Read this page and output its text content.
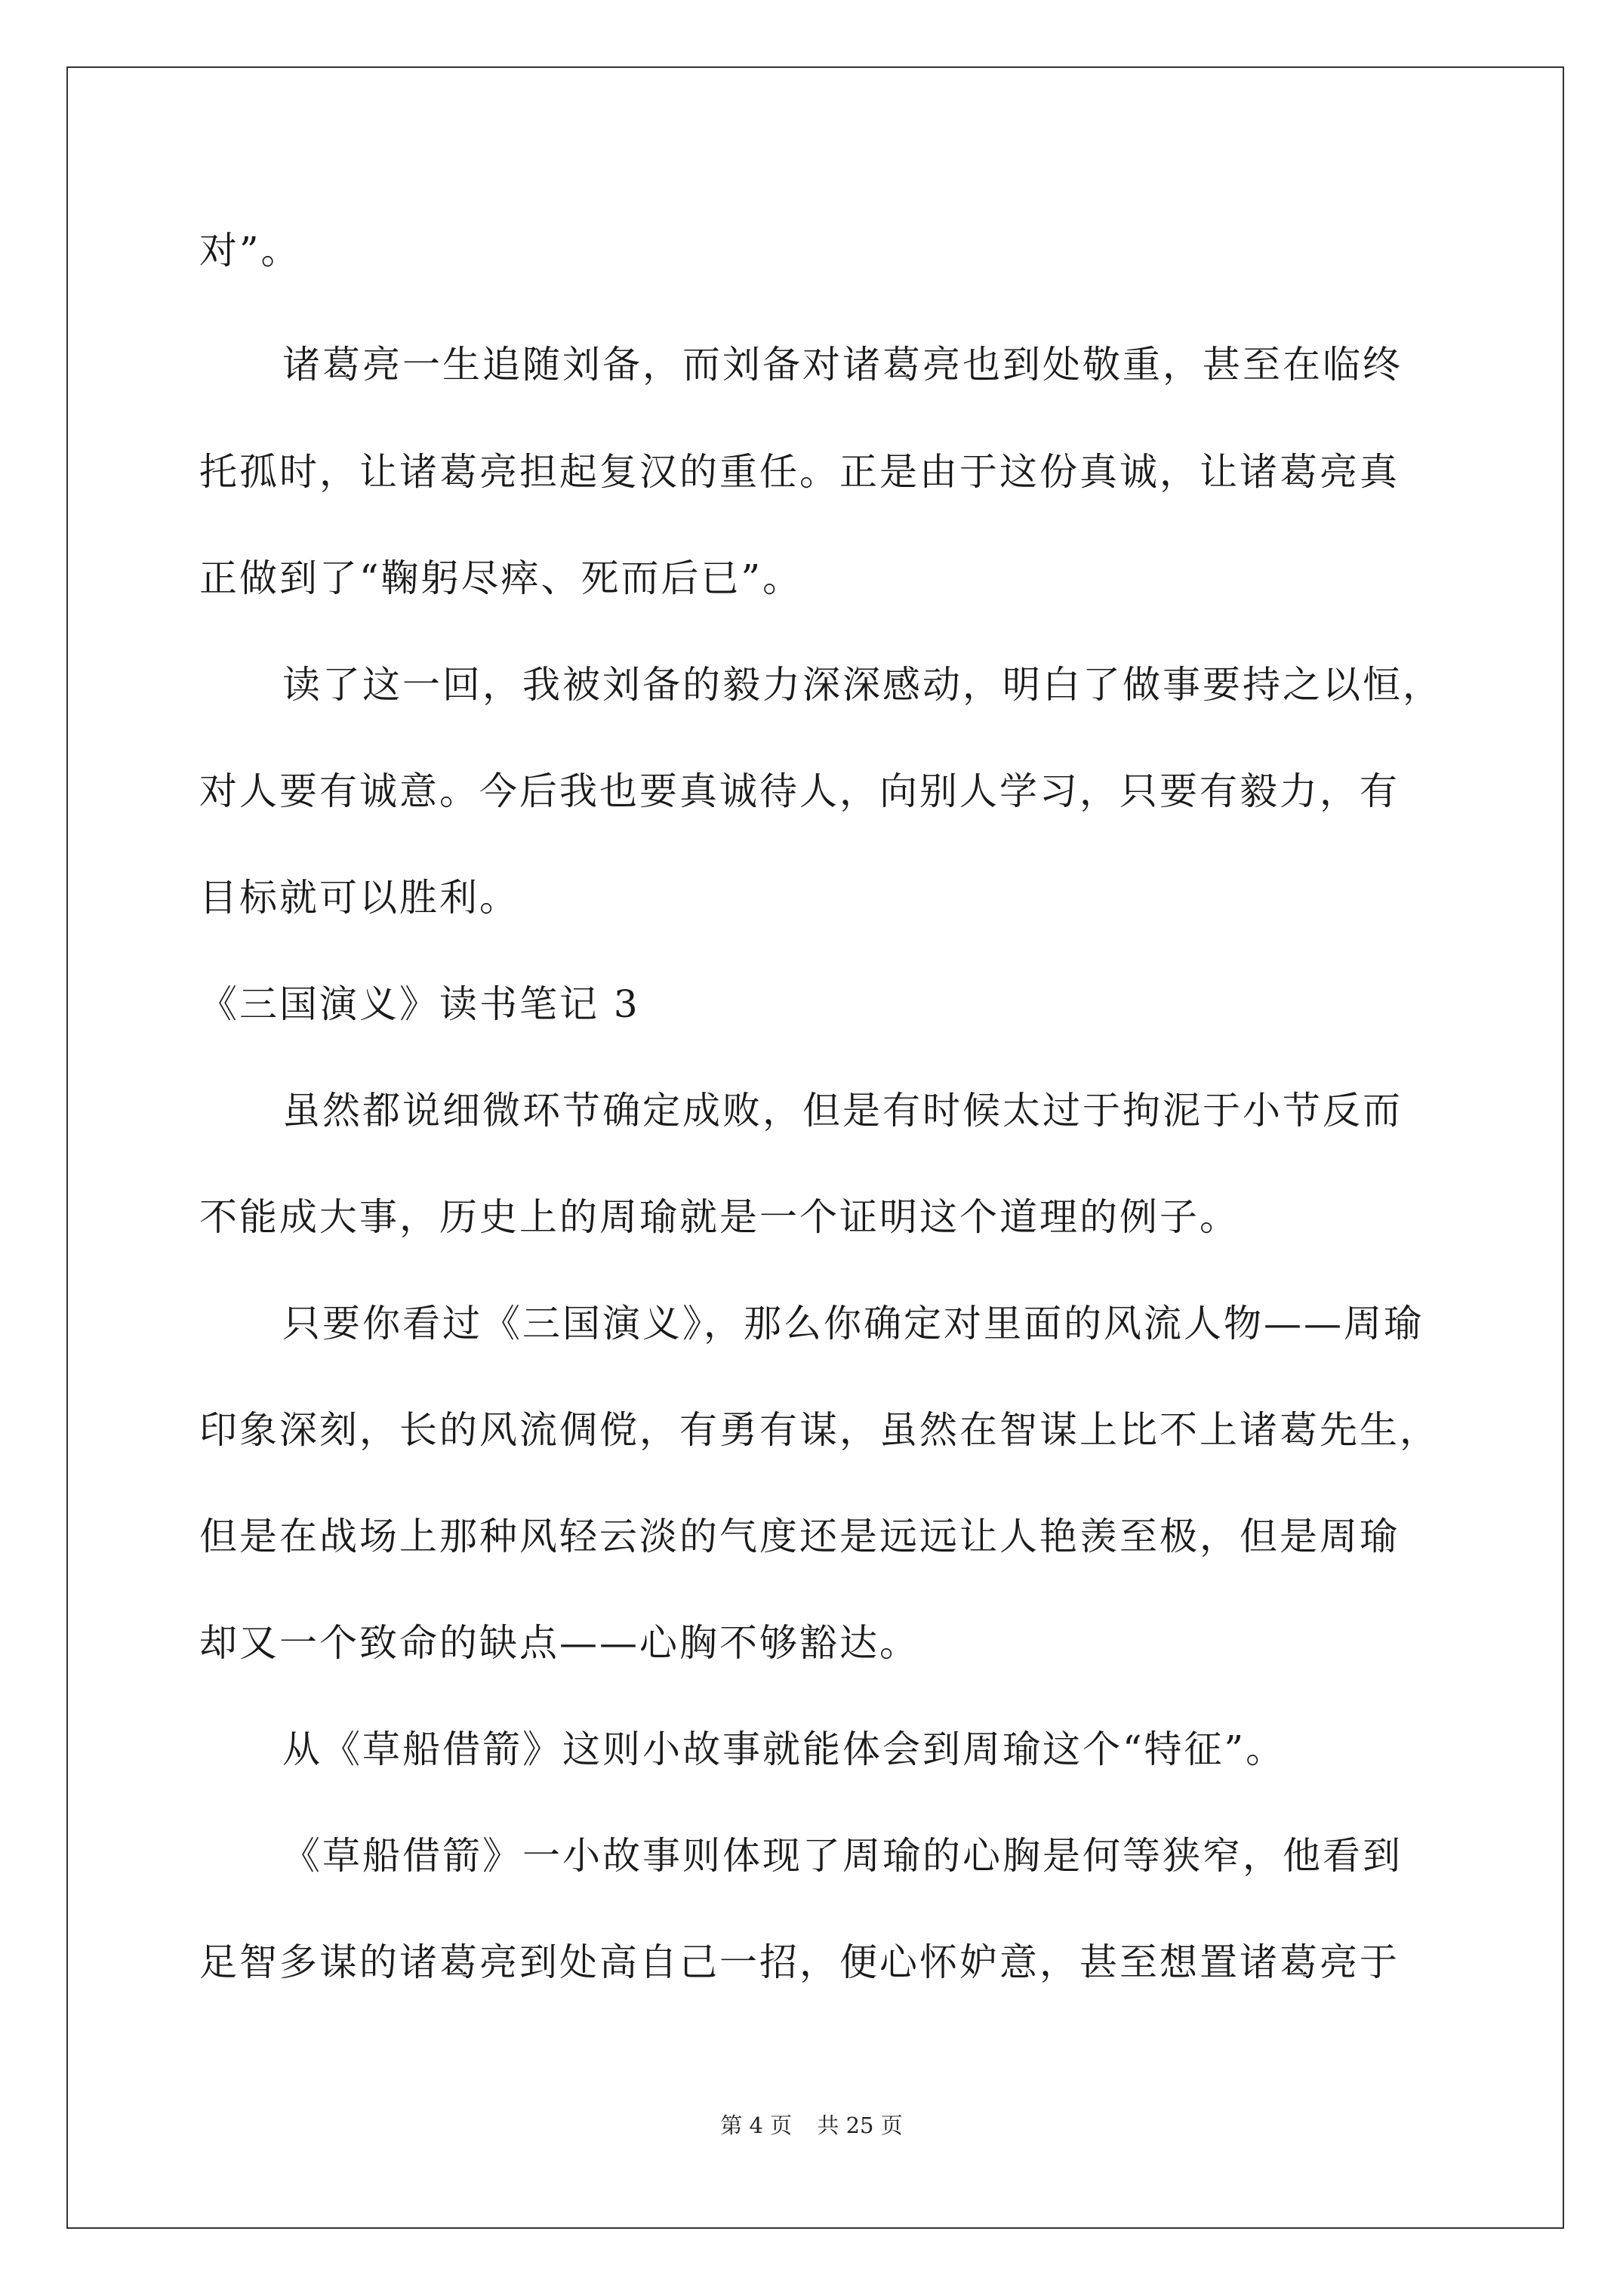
对”。
诸葛亮一生追随刘备，而刘备对诸葛亮也到处敬重，甚至在临终
托孤时，让诸葛亮担起复汉的重任。正是由于这份真诚，让诸葛亮真
正做到了“鞠躬尽瘁、死而后已”。
读了这一回，我被刘备的毅力深深感动，明白了做事要持之以恒，
对人要有诚意。今后我也要真诚待人，向别人学习，只要有毅力，有
目标就可以胜利。
《三国演义》读书笔记 3
虽然都说细微环节确定成败，但是有时候太过于拘泥于小节反而
不能成大事，历史上的周瑜就是一个证明这个道理的例子。
只要你看过《三国演义》，那么你确定对里面的风流人物——周瑜
印象深刻，长的风流倜傥，有勇有谋，虽然在智谋上比不上诸葛先生，
但是在战场上那种风轻云淡的气度还是远远让人艳羡至极，但是周瑜
却又一个致命的缺点——心胸不够豁达。
从《草船借箭》这则小故事就能体会到周瑜这个“特征”。
《草船借箭》一小故事则体现了周瑜的心胸是何等狭窄，他看到
足智多谋的诸葛亮到处高自己一招，便心怀妒意，甚至想置诸葛亮于
第 4 页 共 25 页
